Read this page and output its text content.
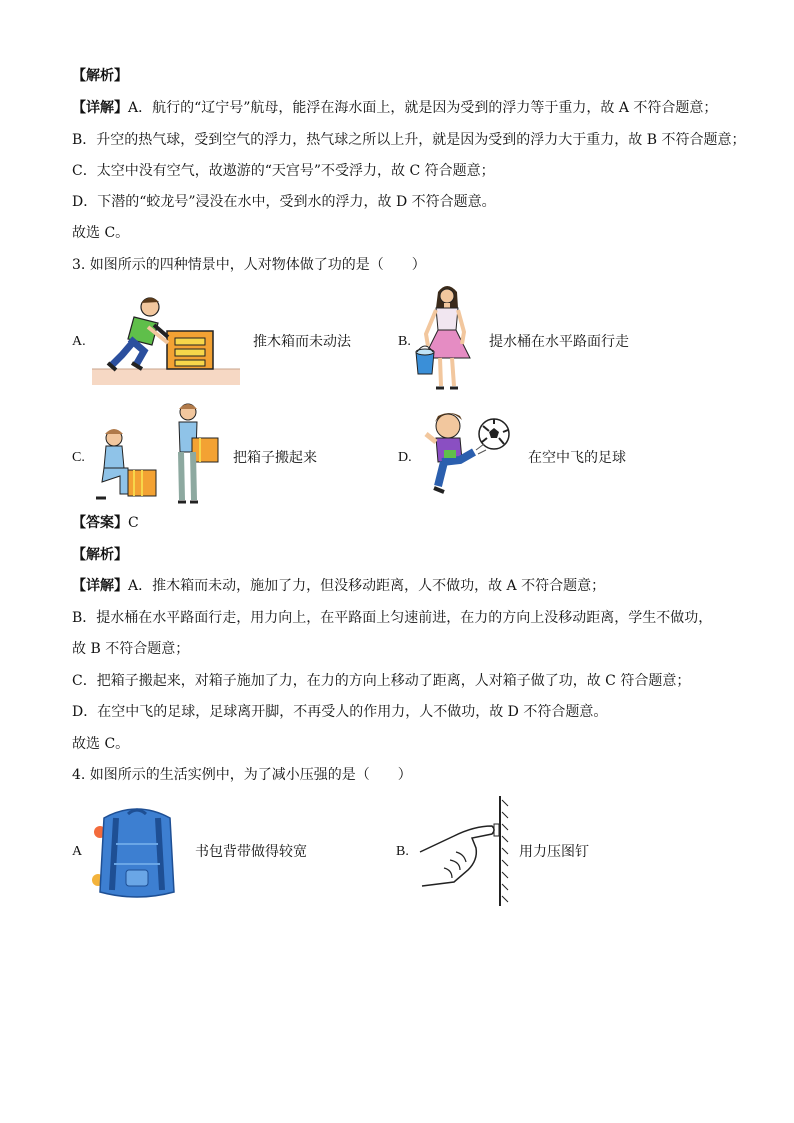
【解析】
【详解】A．航行的“辽宁号”航母，能浮在海水面上，就是因为受到的浮力等于重力，故 A 不符合题意；
B．升空的热气球，受到空气的浮力，热气球之所以上升，就是因为受到的浮力大于重力，故 B 不符合题意；
C．太空中没有空气，故遨游的“天宫号”不受浮力，故 C 符合题意；
D．下潜的“蛟龙号”浸没在水中，受到水的浮力，故 D 不符合题意。
故选 C。
3. 如图所示的四种情景中，人对物体做了功的是（　　）
A.	推木箱而未动法	B.	提水桶在水平路面行走
C.	把箱子搬起来	D.	在空中飞的足球
【答案】C
【解析】
【详解】A．推木箱而未动，施加了力，但没移动距离，人不做功，故 A 不符合题意；
B．提水桶在水平路面行走，用力向上，在平路面上匀速前进，在力的方向上没移动距离，学生不做功，
故 B 不符合题意；
C．把箱子搬起来，对箱子施加了力，在力的方向上移动了距离，人对箱子做了功，故 C 符合题意；
D．在空中飞的足球，足球离开脚，不再受人的作用力，人不做功，故 D 不符合题意。
故选 C。
4. 如图所示的生活实例中，为了减小压强的是（　　）
A	书包背带做得较宽	B.	用力压图钉
